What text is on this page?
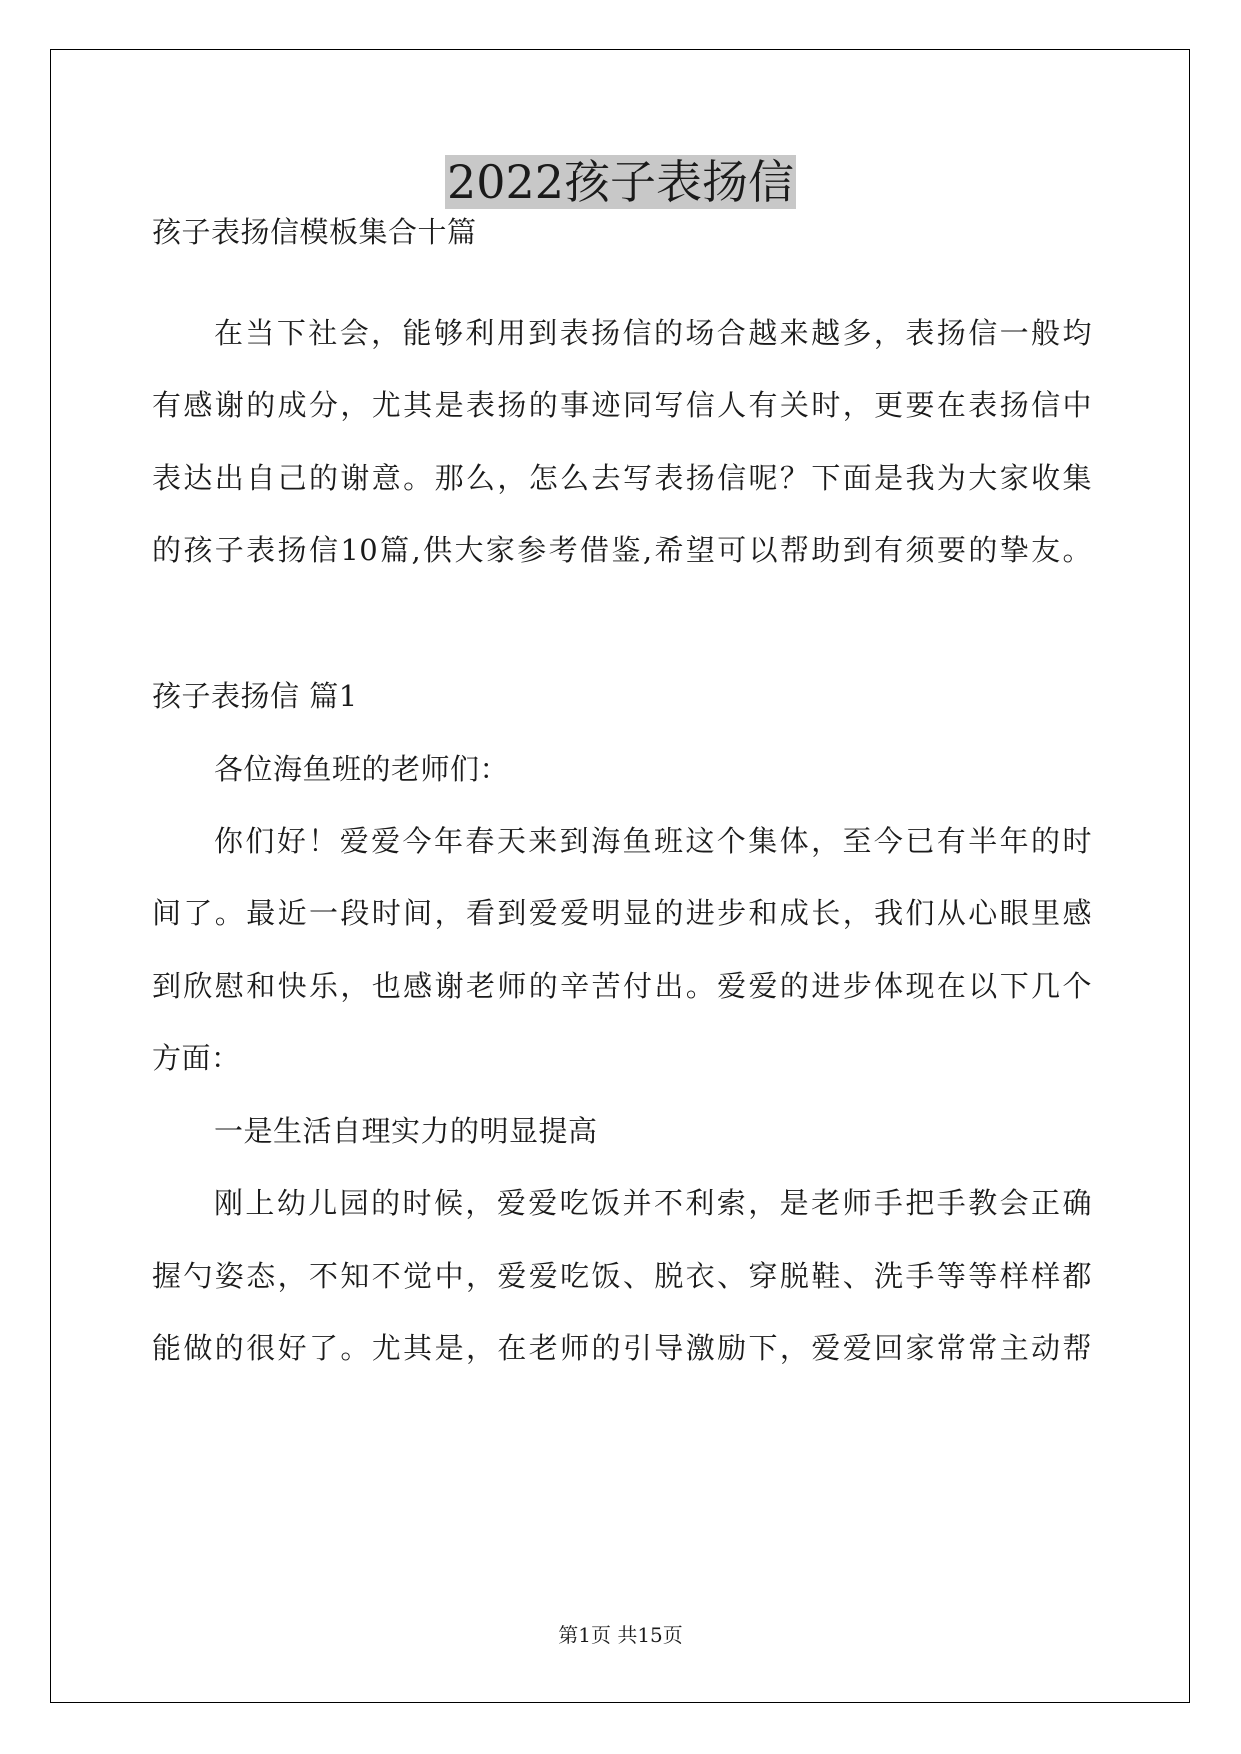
2022孩子表扬信

孩子表扬信模板集合十篇

在当下社会，能够利用到表扬信的场合越来越多，表扬信一般均

有感谢的成分，尤其是表扬的事迹同写信人有关时，更要在表扬信中

表达出自己的谢意。那么，怎么去写表扬信呢？下面是我为大家收集

的孩子表扬信10篇,供大家参考借鉴,希望可以帮助到有须要的挚友。

孩子表扬信 篇1

各位海鱼班的老师们：

你们好！爱爱今年春天来到海鱼班这个集体，至今已有半年的时

间了。最近一段时间，看到爱爱明显的进步和成长，我们从心眼里感

到欣慰和快乐，也感谢老师的辛苦付出。爱爱的进步体现在以下几个

方面：

一是生活自理实力的明显提高

刚上幼儿园的时候，爱爱吃饭并不利索，是老师手把手教会正确

握勺姿态，不知不觉中，爱爱吃饭、脱衣、穿脱鞋、洗手等等样样都

能做的很好了。尤其是，在老师的引导激励下，爱爱回家常常主动帮

第1页 共15页
